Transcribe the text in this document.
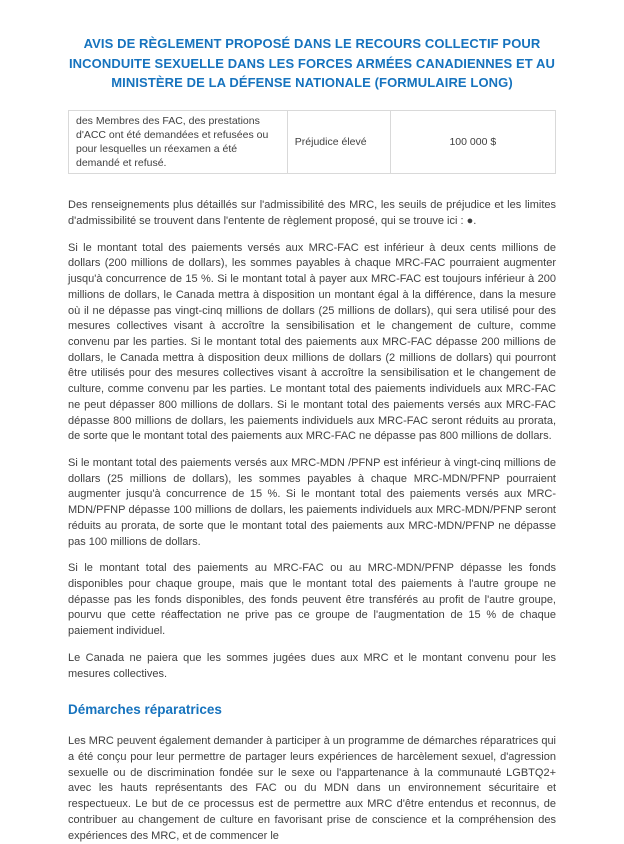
AVIS DE RÈGLEMENT PROPOSÉ DANS LE RECOURS COLLECTIF POUR INCONDUITE SEXUELLE DANS LES FORCES ARMÉES CANADIENNES ET AU MINISTÈRE DE LA DÉFENSE NATIONALE (FORMULAIRE LONG)
des Membres des FAC, des prestations d'ACC ont été demandées et refusées ou pour lesquelles un réexamen a été demandé et refusé.	Préjudice élevé	100 000 $

Des renseignements plus détaillés sur l'admissibilité des MRC, les seuils de préjudice et les limites d'admissibilité se trouvent dans l'entente de règlement proposé, qui se trouve ici : ●.

Si le montant total des paiements versés aux MRC-FAC est inférieur à deux cents millions de dollars (200 millions de dollars), les sommes payables à chaque MRC-FAC pourraient augmenter jusqu'à concurrence de 15 %. Si le montant total à payer aux MRC-FAC est toujours inférieur à 200 millions de dollars, le Canada mettra à disposition un montant égal à la différence, dans la mesure où il ne dépasse pas vingt-cinq millions de dollars (25 millions de dollars), qui sera utilisé pour des mesures collectives visant à accroître la sensibilisation et le changement de culture, comme convenu par les parties. Si le montant total des paiements aux MRC-FAC dépasse 200 millions de dollars, le Canada mettra à disposition deux millions de dollars (2 millions de dollars) qui pourront être utilisés pour des mesures collectives visant à accroître la sensibilisation et le changement de culture, comme convenu par les parties. Le montant total des paiements individuels aux MRC-FAC ne peut dépasser 800 millions de dollars. Si le montant total des paiements versés aux MRC-FAC dépasse 800 millions de dollars, les paiements individuels aux MRC-FAC seront réduits au prorata, de sorte que le montant total des paiements aux MRC-FAC ne dépasse pas 800 millions de dollars.

Si le montant total des paiements versés aux MRC-MDN /PFNP est inférieur à vingt-cinq millions de dollars (25 millions de dollars), les sommes payables à chaque MRC-MDN/PFNP pourraient augmenter jusqu'à concurrence de 15 %. Si le montant total des paiements versés aux MRC-MDN/PFNP dépasse 100 millions de dollars, les paiements individuels aux MRC-MDN/PFNP seront réduits au prorata, de sorte que le montant total des paiements aux MRC-MDN/PFNP ne dépasse pas 100 millions de dollars.

Si le montant total des paiements au MRC-FAC ou au MRC-MDN/PFNP dépasse les fonds disponibles pour chaque groupe, mais que le montant total des paiements à l'autre groupe ne dépasse pas les fonds disponibles, des fonds peuvent être transférés au profit de l'autre groupe, pourvu que cette réaffectation ne prive pas ce groupe de l'augmentation de 15 % de chaque paiement individuel.

Le Canada ne paiera que les sommes jugées dues aux MRC et le montant convenu pour les mesures collectives.

Démarches réparatrices

Les MRC peuvent également demander à participer à un programme de démarches réparatrices qui a été conçu pour leur permettre de partager leurs expériences de harcèlement sexuel, d'agression sexuelle ou de discrimination fondée sur le sexe ou l'appartenance à la communauté LGBTQ2+ avec les hauts représentants des FAC ou du MDN dans un environnement sécuritaire et respectueux. Le but de ce processus est de permettre aux MRC d'être entendus et reconnus, de contribuer au changement de culture en favorisant prise de conscience et la compréhension des expériences des MRC, et de commencer le
